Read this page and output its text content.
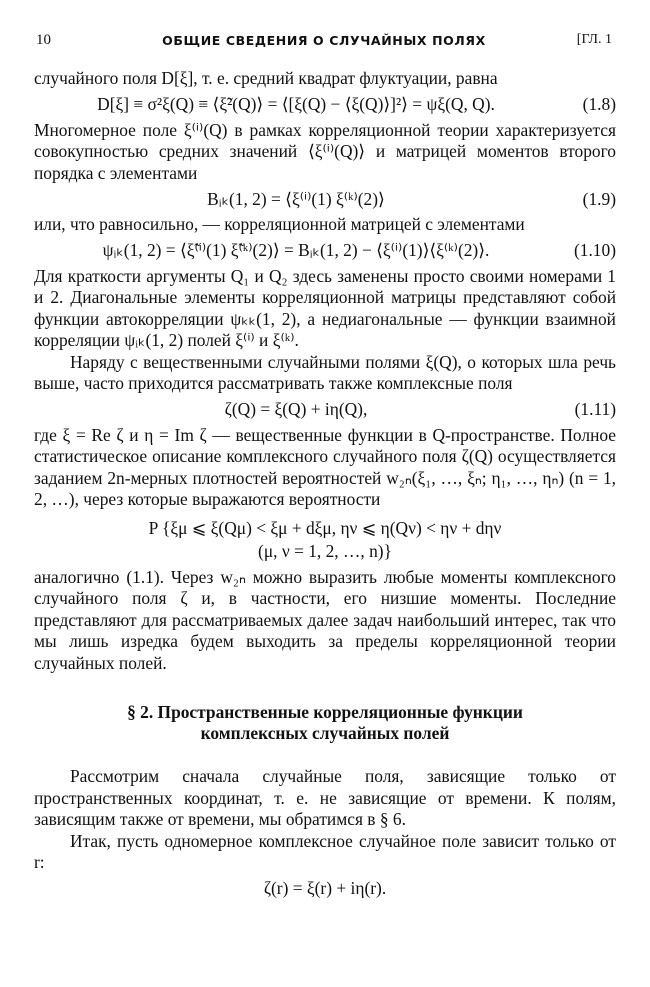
10	ОБЩИЕ СВЕДЕНИЯ О СЛУЧАЙНЫХ ПОЛЯХ	[ГЛ. 1

случайного поля D[ξ], т. е. средний квадрат флуктуации, равна

D[ξ] ≡ σ²ξ(Q) ≡ ⟨ξ̃²(Q)⟩ = ⟨[ξ(Q) − ⟨ξ(Q)⟩]²⟩ = ψξ(Q, Q).	(1.8)

Многомерное поле ξ⁽ⁱ⁾(Q) в рамках корреляционной теории характеризуется совокупностью средних значений ⟨ξ⁽ⁱ⁾(Q)⟩ и матрицей моментов второго порядка с элементами

Bᵢₖ(1, 2) = ⟨ξ⁽ⁱ⁾(1) ξ⁽ᵏ⁾(2)⟩	(1.9)

или, что равносильно, — корреляционной матрицей с элементами

ψᵢₖ(1, 2) = ⟨ξ̃⁽ⁱ⁾(1) ξ̃⁽ᵏ⁾(2)⟩ = Bᵢₖ(1, 2) − ⟨ξ⁽ⁱ⁾(1)⟩⟨ξ⁽ᵏ⁾(2)⟩.	(1.10)

Для краткости аргументы Q₁ и Q₂ здесь заменены просто своими номерами 1 и 2. Диагональные элементы корреляционной матрицы представляют собой функции автокорреляции ψₖₖ(1, 2), а недиагональные — функции взаимной корреляции ψᵢₖ(1, 2) полей ξ⁽ⁱ⁾ и ξ⁽ᵏ⁾.

Наряду с вещественными случайными полями ξ(Q), о которых шла речь выше, часто приходится рассматривать также комплексные поля

ζ(Q) = ξ(Q) + iη(Q),	(1.11)

где ξ = Re ζ и η = Im ζ — вещественные функции в Q-пространстве. Полное статистическое описание комплексного случайного поля ζ(Q) осуществляется заданием 2n-мерных плотностей вероятностей w₂ₙ(ξ₁, …, ξₙ; η₁, …, ηₙ) (n = 1, 2, …), через которые выражаются вероятности

P {ξμ ⩽ ξ(Qμ) < ξμ + dξμ, ην ⩽ η(Qν) < ην + dην
(μ, ν = 1, 2, …, n)}

аналогично (1.1). Через w₂ₙ можно выразить любые моменты комплексного случайного поля ζ и, в частности, его низшие моменты. Последние представляют для рассматриваемых далее задач наибольший интерес, так что мы лишь изредка будем выходить за пределы корреляционной теории случайных полей.

§ 2. Пространственные корреляционные функции
комплексных случайных полей

Рассмотрим сначала случайные поля, зависящие только от пространственных координат, т. е. не зависящие от времени. К полям, зависящим также от времени, мы обратимся в § 6.

Итак, пусть одномерное комплексное случайное поле зависит только от r:

ζ(r) = ξ(r) + iη(r).
